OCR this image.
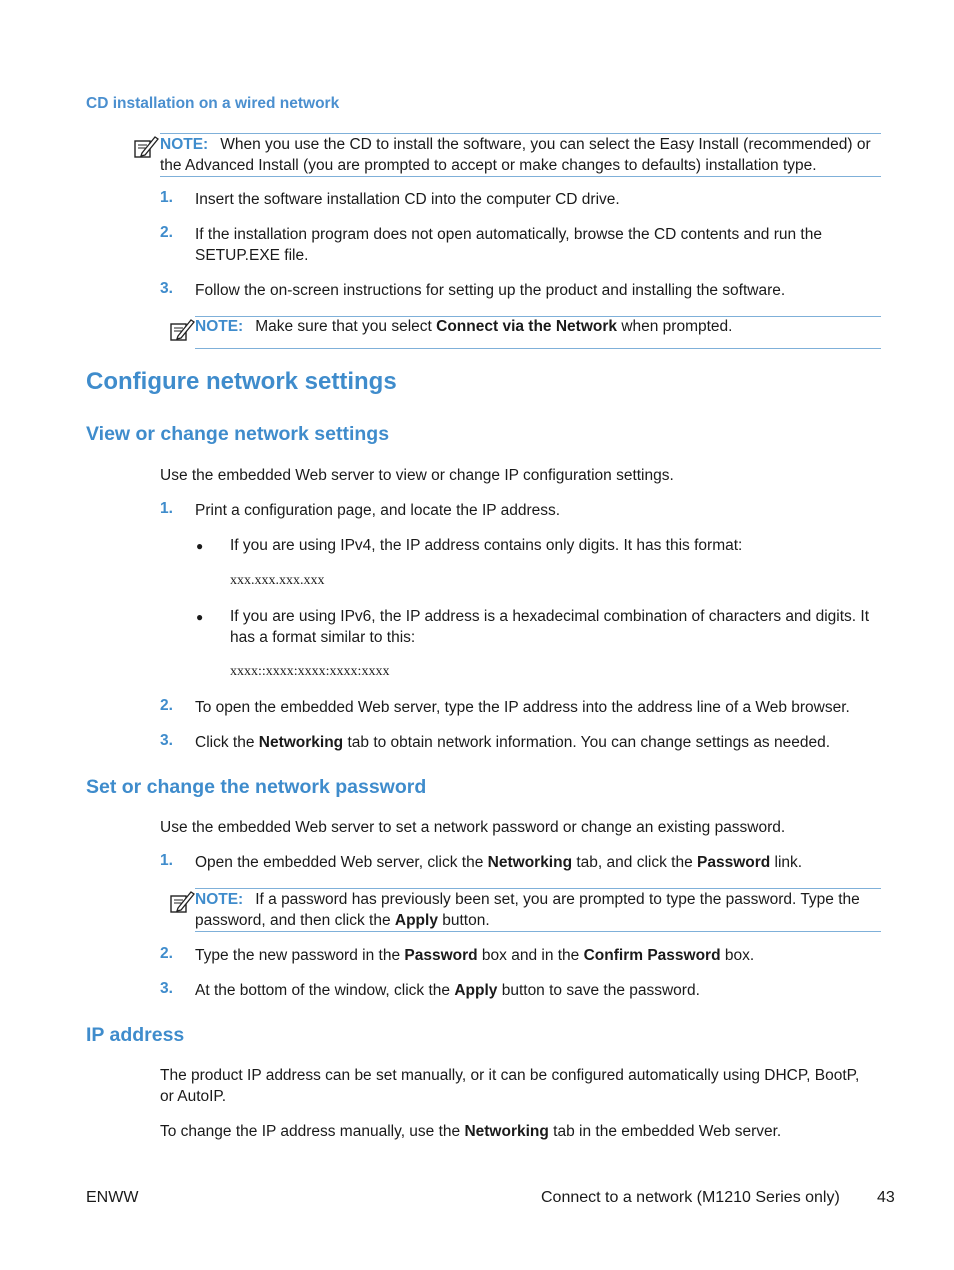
CD installation on a wired network
NOTE: When you use the CD to install the software, you can select the Easy Install (recommended) or
the Advanced Install (you are prompted to accept or make changes to defaults) installation type.
1. Insert the software installation CD into the computer CD drive.
2. If the installation program does not open automatically, browse the CD contents and run the
SETUP.EXE file.
3. Follow the on-screen instructions for setting up the product and installing the software.
NOTE: Make sure that you select Connect via the Network when prompted.
Configure network settings
View or change network settings
Use the embedded Web server to view or change IP configuration settings.
1. Print a configuration page, and locate the IP address.
● If you are using IPv4, the IP address contains only digits. It has this format:
xxx.xxx.xxx.xxx
● If you are using IPv6, the IP address is a hexadecimal combination of characters and digits. It
has a format similar to this:
xxxx::xxxx:xxxx:xxxx:xxxx
2. To open the embedded Web server, type the IP address into the address line of a Web browser.
3. Click the Networking tab to obtain network information. You can change settings as needed.
Set or change the network password
Use the embedded Web server to set a network password or change an existing password.
1. Open the embedded Web server, click the Networking tab, and click the Password link.
NOTE: If a password has previously been set, you are prompted to type the password. Type the
password, and then click the Apply button.
2. Type the new password in the Password box and in the Confirm Password box.
3. At the bottom of the window, click the Apply button to save the password.
IP address
The product IP address can be set manually, or it can be configured automatically using DHCP, BootP,
or AutoIP.
To change the IP address manually, use the Networking tab in the embedded Web server.
ENWW	Connect to a network (M1210 Series only) 43
